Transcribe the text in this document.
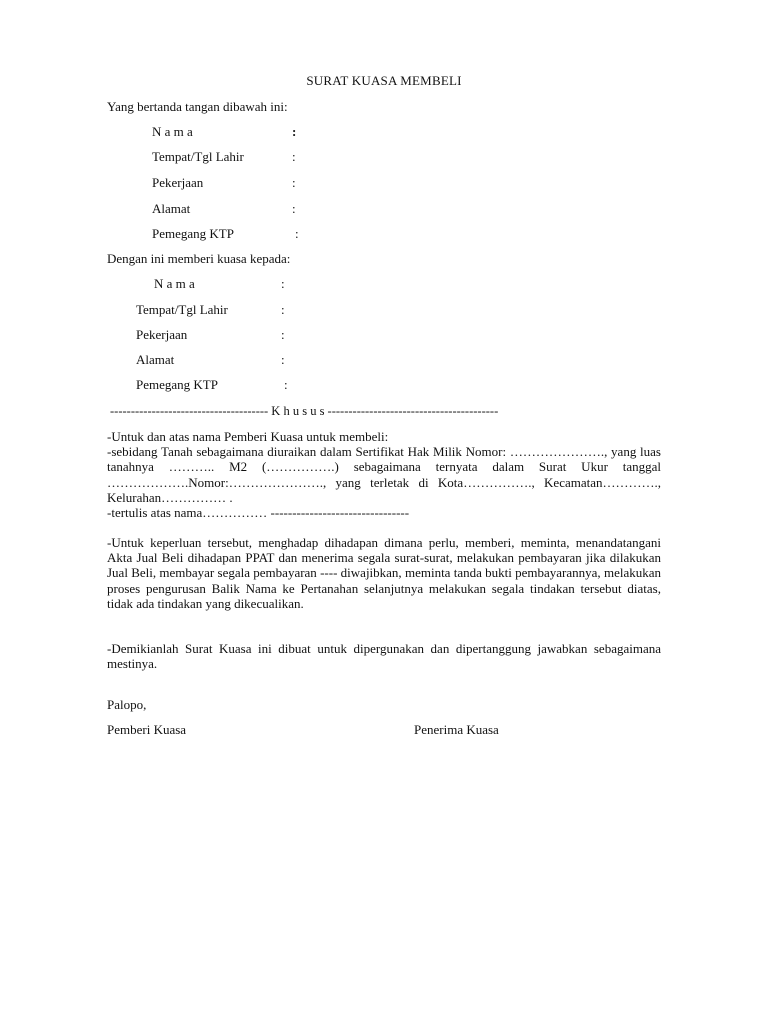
SURAT KUASA MEMBELI
Yang bertanda tangan dibawah ini:
N a m a	:
Tempat/Tgl Lahir	:
Pekerjaan	:
Alamat	:
Pemegang KTP	:
Dengan ini memberi kuasa kepada:
N a m a	:
Tempat/Tgl Lahir	:
Pekerjaan	:
Alamat	:
Pemegang KTP	:
-------------------------------------- K h u s u s -----------------------------------------

-Untuk dan atas nama Pemberi Kuasa untuk membeli:

-sebidang Tanah sebagaimana diuraikan dalam Sertifikat Hak Milik Nomor: …………………., yang luas tanahnya ……….. M2 (…………….) sebagaimana ternyata dalam Surat Ukur tanggal ……………….Nomor:…………………., yang terletak di Kota……………., Kecamatan…………., Kelurahan…………… .

-tertulis atas nama…………… --------------------------------

-Untuk keperluan tersebut, menghadap dihadapan dimana perlu, memberi, meminta, menandatangani Akta Jual Beli dihadapan PPAT dan menerima segala surat-surat, melakukan pembayaran jika dilakukan Jual Beli, membayar segala pembayaran ---- diwajibkan, meminta tanda bukti pembayarannya, melakukan proses pengurusan Balik Nama ke Pertanahan selanjutnya melakukan segala tindakan tersebut diatas, tidak ada tindakan yang dikecualikan.

-Demikianlah Surat Kuasa ini dibuat untuk dipergunakan dan dipertanggung jawabkan sebagaimana mestinya.

Palopo,
Pemberi Kuasa	Penerima Kuasa
